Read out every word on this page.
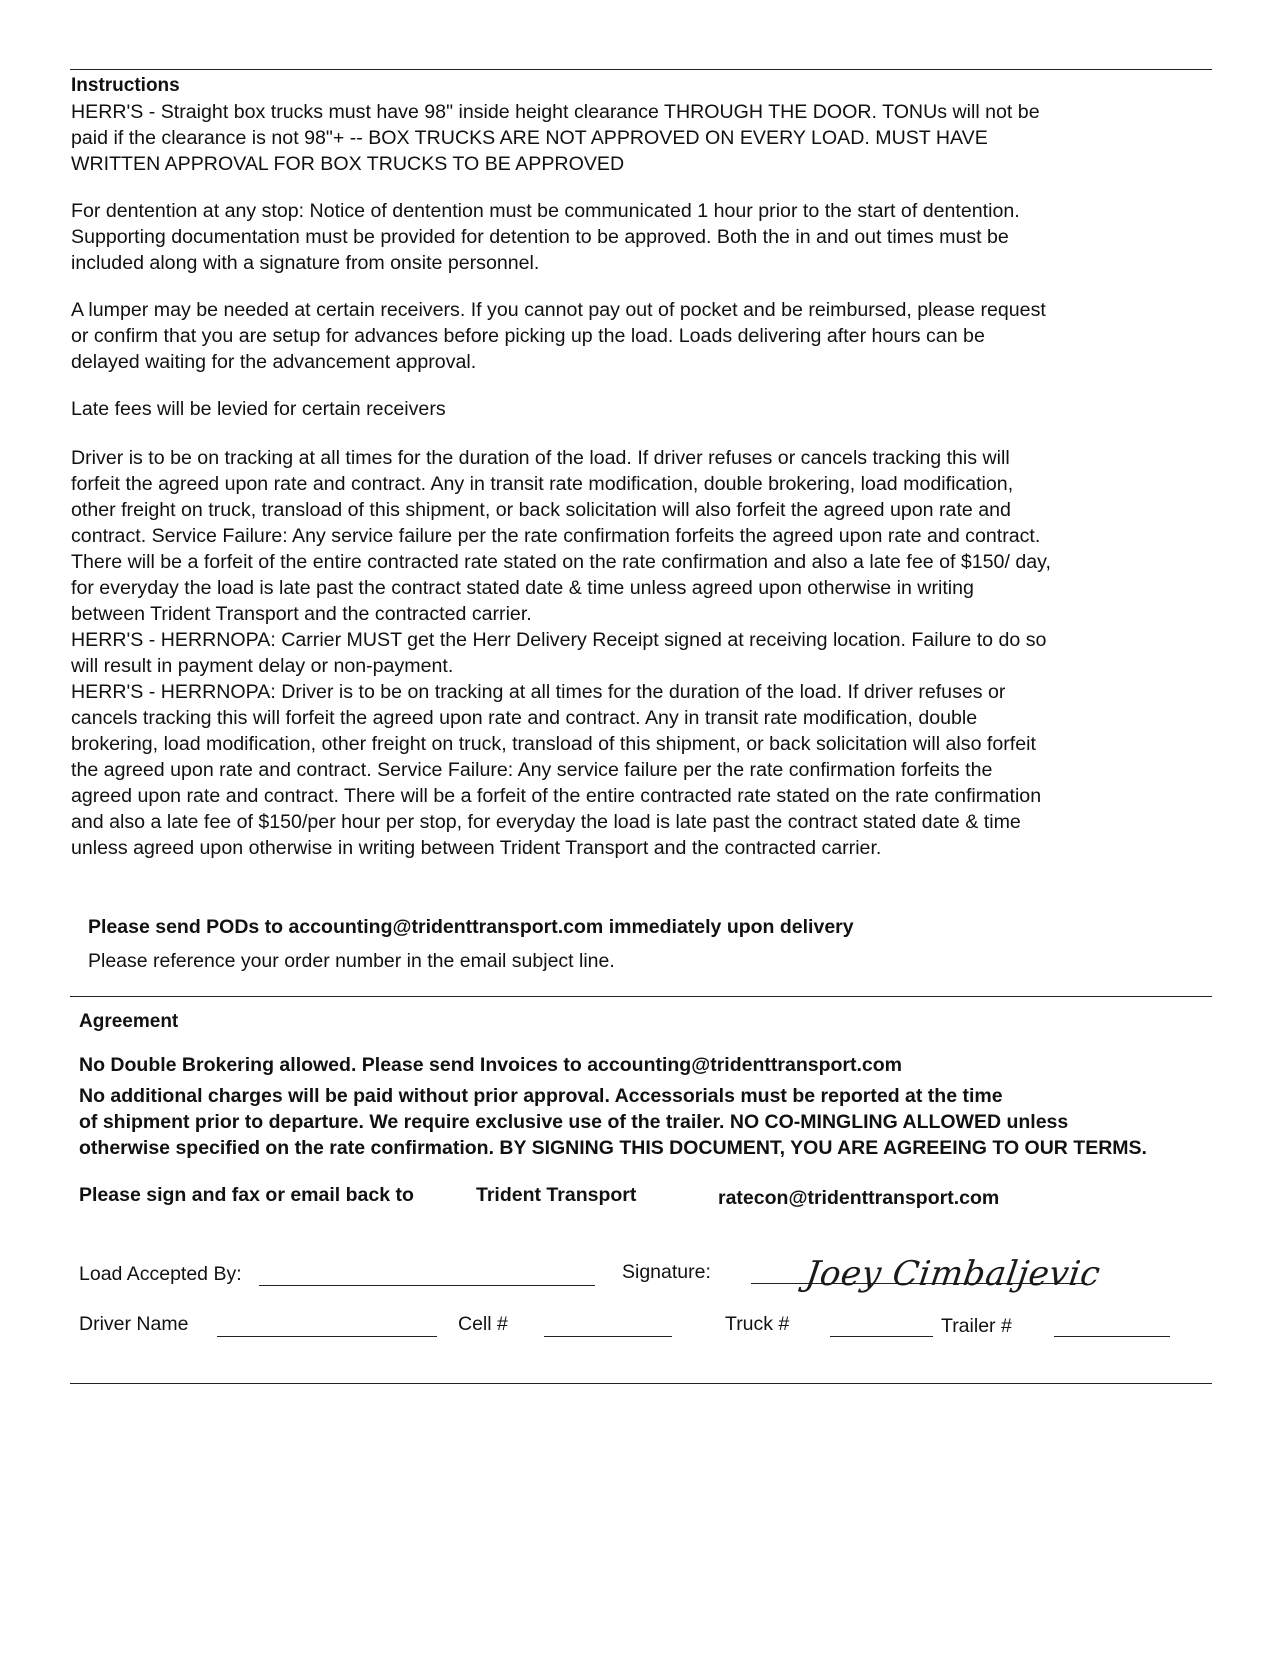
Instructions
HERR'S - Straight box trucks must have 98" inside height clearance THROUGH THE DOOR. TONUs will not be
paid if the clearance is not 98"+ -- BOX TRUCKS ARE NOT APPROVED ON EVERY LOAD. MUST HAVE
WRITTEN APPROVAL FOR BOX TRUCKS TO BE APPROVED
For dentention at any stop: Notice of dentention must be communicated 1 hour prior to the start of dentention.
Supporting documentation must be provided for detention to be approved. Both the in and out times must be
included along with a signature from onsite personnel.
A lumper may be needed at certain receivers. If you cannot pay out of pocket and be reimbursed, please request
or confirm that you are setup for advances before picking up the load. Loads delivering after hours can be
delayed waiting for the advancement approval.
Late fees will be levied for certain receivers
Driver is to be on tracking at all times for the duration of the load. If driver refuses or cancels tracking this will
forfeit the agreed upon rate and contract. Any in transit rate modification, double brokering, load modification,
other freight on truck, transload of this shipment, or back solicitation will also forfeit the agreed upon rate and
contract. Service Failure: Any service failure per the rate confirmation forfeits the agreed upon rate and contract.
There will be a forfeit of the entire contracted rate stated on the rate confirmation and also a late fee of $150/ day,
for everyday the load is late past the contract stated date & time unless agreed upon otherwise in writing
between Trident Transport and the contracted carrier.
HERR'S - HERRNOPA: Carrier MUST get the Herr Delivery Receipt signed at receiving location. Failure to do so
will result in payment delay or non-payment.
HERR'S - HERRNOPA: Driver is to be on tracking at all times for the duration of the load. If driver refuses or
cancels tracking this will forfeit the agreed upon rate and contract. Any in transit rate modification, double
brokering, load modification, other freight on truck, transload of this shipment, or back solicitation will also forfeit
the agreed upon rate and contract. Service Failure: Any service failure per the rate confirmation forfeits the
agreed upon rate and contract. There will be a forfeit of the entire contracted rate stated on the rate confirmation
and also a late fee of $150/per hour per stop, for everyday the load is late past the contract stated date & time
unless agreed upon otherwise in writing between Trident Transport and the contracted carrier.
Please send PODs to accounting@tridenttransport.com immediately upon delivery
Please reference your order number in the email subject line.
Agreement
No Double Brokering allowed. Please send Invoices to accounting@tridenttransport.com
No additional charges will be paid without prior approval. Accessorials must be reported at the time
of shipment prior to departure. We require exclusive use of the trailer. NO CO-MINGLING ALLOWED unless
otherwise specified on the rate confirmation. BY SIGNING THIS DOCUMENT, YOU ARE AGREEING TO OUR TERMS.
Please sign and fax or email back to	Trident Transport	ratecon@tridenttransport.com
Load Accepted By:	Signature:	Joey Cimbaljevic
Driver Name	Cell #	Truck #	Trailer #
